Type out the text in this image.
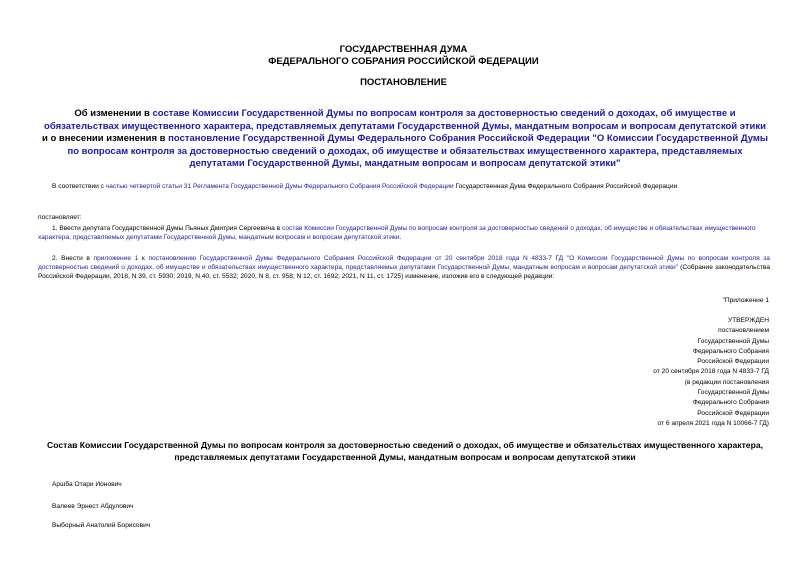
ГОСУДАРСТВЕННАЯ ДУМА
ФЕДЕРАЛЬНОГО СОБРАНИЯ РОССИЙСКОЙ ФЕДЕРАЦИИ
ПОСТАНОВЛЕНИЕ
Об изменении в составе Комиссии Государственной Думы по вопросам контроля за достоверностью сведений о доходах, об имуществе и обязательствах имущественного характера, представляемых депутатами Государственной Думы, мандатным вопросам и вопросам депутатской этики и о внесении изменения в постановление Государственной Думы Федерального Собрания Российской Федерации "О Комиссии Государственной Думы по вопросам контроля за достоверностью сведений о доходах, об имуществе и обязательствах имущественного характера, представляемых депутатами Государственной Думы, мандатным вопросам и вопросам депутатской этики"
В соответствии с частью четвертой статьи 31 Регламента Государственной Думы Федерального Собрания Российской Федерации Государственная Дума Федерального Собрания Российской Федерации
постановляет:
1. Ввести депутата Государственной Думы Пьяных Дмитрия Сергеевича в состав Комиссии Государственной Думы по вопросам контроля за достоверностью сведений о доходах, об имуществе и обязательствах имущественного характера, представляемых депутатами Государственной Думы, мандатным вопросам и вопросам депутатской этики.
2. Внести в приложение 1 к постановлению Государственной Думы Федерального Собрания Российской Федерации от 20 сентября 2018 года N 4833-7 ГД "О Комиссии Государственной Думы по вопросам контроля за достоверностью сведений о доходах, об имуществе и обязательствах имущественного характера, представляемых депутатами Государственной Думы, мандатным вопросам и вопросам депутатской этики" (Собрание законодательства Российской Федерации, 2018, N 39, ст. 5930; 2019, N 40, ст. 5532; 2020, N 8, ст. 958; N 12, ст. 1692; 2021, N 11, ст. 1725) изменение, изложив его в следующей редакции:
"Приложение 1
УТВЕРЖДЕН
постановлением
Государственной Думы
Федерального Собрания
Российской Федерации
от 20 сентября 2018 года N 4833-7 ГД
(в редакции постановления
Государственной Думы
Федерального Собрания
Российской Федерации
от 6 апреля 2021 года N 10066-7 ГД)
Состав Комиссии Государственной Думы по вопросам контроля за достоверностью сведений о доходах, об имуществе и обязательствах имущественного характера, представляемых депутатами Государственной Думы, мандатным вопросам и вопросам депутатской этики
Аршба Отари Ионович
Валеев Эрнест Абдулович
Выборный Анатолий Борисович
